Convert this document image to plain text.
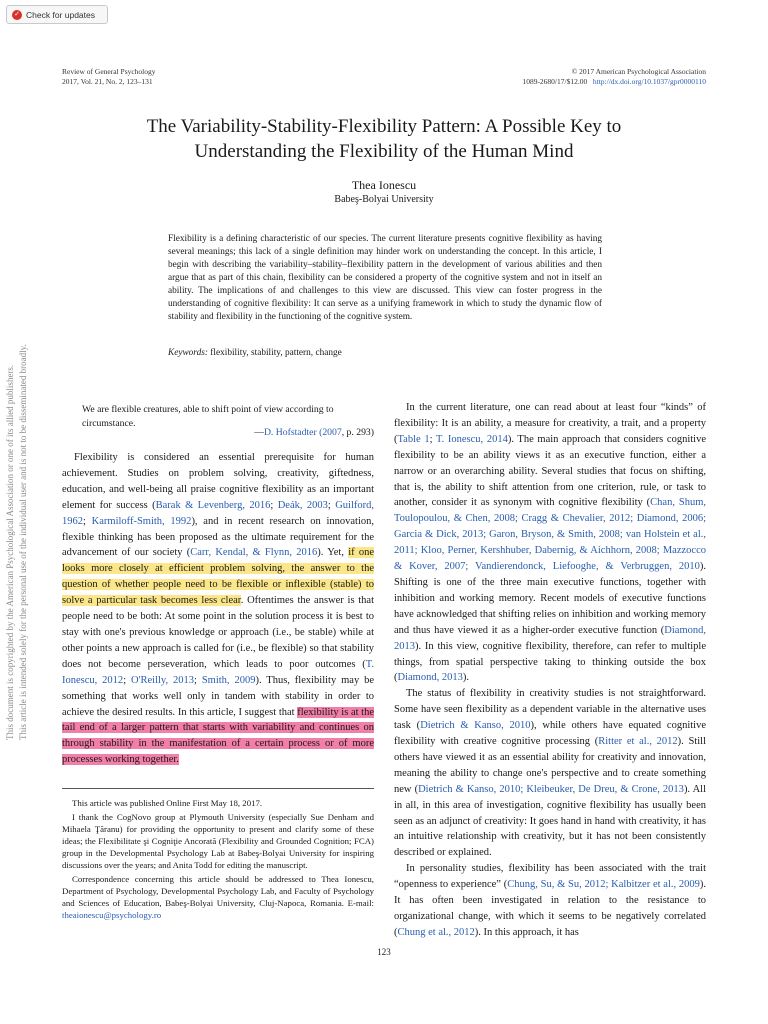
✓ Check for updates
Review of General Psychology
2017, Vol. 21, No. 2, 123–131
© 2017 American Psychological Association
1089-2680/17/$12.00 http://dx.doi.org/10.1037/gpr0000110
The Variability-Stability-Flexibility Pattern: A Possible Key to Understanding the Flexibility of the Human Mind
Thea Ionescu
Babeş-Bolyai University
Flexibility is a defining characteristic of our species. The current literature presents cognitive flexibility as having several meanings; this lack of a single definition may hinder work on understanding the concept. In this article, I begin with describing the variability–stability–flexibility pattern in the development of various abilities and then argue that as part of this chain, flexibility can be considered a property of the cognitive system and not in itself an ability. The implications of and challenges to this view are discussed. This view can foster progress in the understanding of cognitive flexibility: It can serve as a unifying framework in which to study the dynamic flow of stability and flexibility in the functioning of the cognitive system.
Keywords: flexibility, stability, pattern, change
This document is copyrighted by the American Psychological Association or one of its allied publishers. This article is intended solely for the personal use of the individual user and is not to be disseminated broadly.	We are flexible creatures, able to shift point of view according to circumstance.
—D. Hofstadter (2007, p. 293)

Flexibility is considered an essential prerequisite for human achievement. Studies on problem solving, creativity, giftedness, education, and well-being all praise cognitive flexibility as an important element for success (Barak & Levenberg, 2016; Deák, 2003; Guilford, 1962; Karmiloff-Smith, 1992), and in recent research on innovation, flexible thinking has been proposed as the ultimate requirement for the advancement of our society (Carr, Kendal, & Flynn, 2016). Yet, if one looks more closely at efficient problem solving, the answer to the question of whether people need to be flexible or inflexible (stable) to solve a particular task becomes less clear. Oftentimes the answer is that people need to be both: At some point in the solution process it is best to stay with one's previous knowledge or approach (i.e., be stable) while at other points a new approach is called for (i.e., be flexible) so that stability does not become perseveration, which leads to poor outcomes (T. Ionescu, 2012; O'Reilly, 2013; Smith, 2009). Thus, flexibility may be something that works well only in tandem with stability in order to achieve the desired results. In this article, I suggest that flexibility is at the tail end of a larger pattern that starts with variability and continues on through stability in the manifestation of a certain process or of more processes working together.

This article was published Online First May 18, 2017.

I thank the CogNovo group at Plymouth University (especially Sue Denham and Mihaela Ţăranu) for providing the opportunity to present and clarify some of these ideas; the Flexibilitate şi Cogniţie Ancorată (Flexibility and Grounded Cognition; FCA) group in the Developmental Psychology Lab at Babeş-Bolyai University for inspiring discussions over the years; and Anita Todd for editing the manuscript.

Correspondence concerning this article should be addressed to Thea Ionescu, Department of Psychology, Developmental Psychology Lab, and Faculty of Psychology and Sciences of Education, Babeş-Bolyai University, Cluj-Napoca, Romania. E-mail: theaionescu@psychology.ro

In the current literature, one can read about at least four “kinds” of flexibility: It is an ability, a measure for creativity, a trait, and a property (Table 1; T. Ionescu, 2014). The main approach that considers cognitive flexibility to be an ability views it as an executive function, either a narrow or an overarching ability. Several studies that focus on shifting, that is, the ability to shift attention from one criterion, rule, or task to another, consider it as synonym with cognitive flexibility (Chan, Shum, Toulopoulou, & Chen, 2008; Cragg & Chevalier, 2012; Diamond, 2006; Garcia & Dick, 2013; Garon, Bryson, & Smith, 2008; van Holstein et al., 2011; Kloo, Perner, Kershhuber, Dabernig, & Aichhorn, 2008; Mazzocco & Kover, 2007; Vandierendonck, Liefooghe, & Verbruggen, 2010). Shifting is one of the three main executive functions, together with inhibition and working memory. Recent models of executive functions have acknowledged that shifting relies on inhibition and working memory and thus have viewed it as a higher-order executive function (Diamond, 2013). In this view, cognitive flexibility, therefore, can refer to multiple things, from spatial perspective taking to thinking outside the box (Diamond, 2013).

The status of flexibility in creativity studies is not straightforward. Some have seen flexibility as a dependent variable in the alternative uses task (Dietrich & Kanso, 2010), while others have equated cognitive flexibility with creative cognitive processing (Ritter et al., 2012). Still others have viewed it as an essential ability for creativity and innovation, meaning the ability to change one's perspective and to create something new (Dietrich & Kanso, 2010; Kleibeuker, De Dreu, & Crone, 2013). All in all, in this area of investigation, cognitive flexibility has usually been seen as an adjunct of creativity: It goes hand in hand with creativity, it has an intuitive relationship with creativity, but it has not been consistently described or explained.

In personality studies, flexibility has been associated with the trait “openness to experience” (Chung, Su, & Su, 2012; Kalbitzer et al., 2009). It has often been investigated in relation to the resistance to organizational change, with which it seems to be negatively correlated (Chung et al., 2012). In this approach, it has

123
